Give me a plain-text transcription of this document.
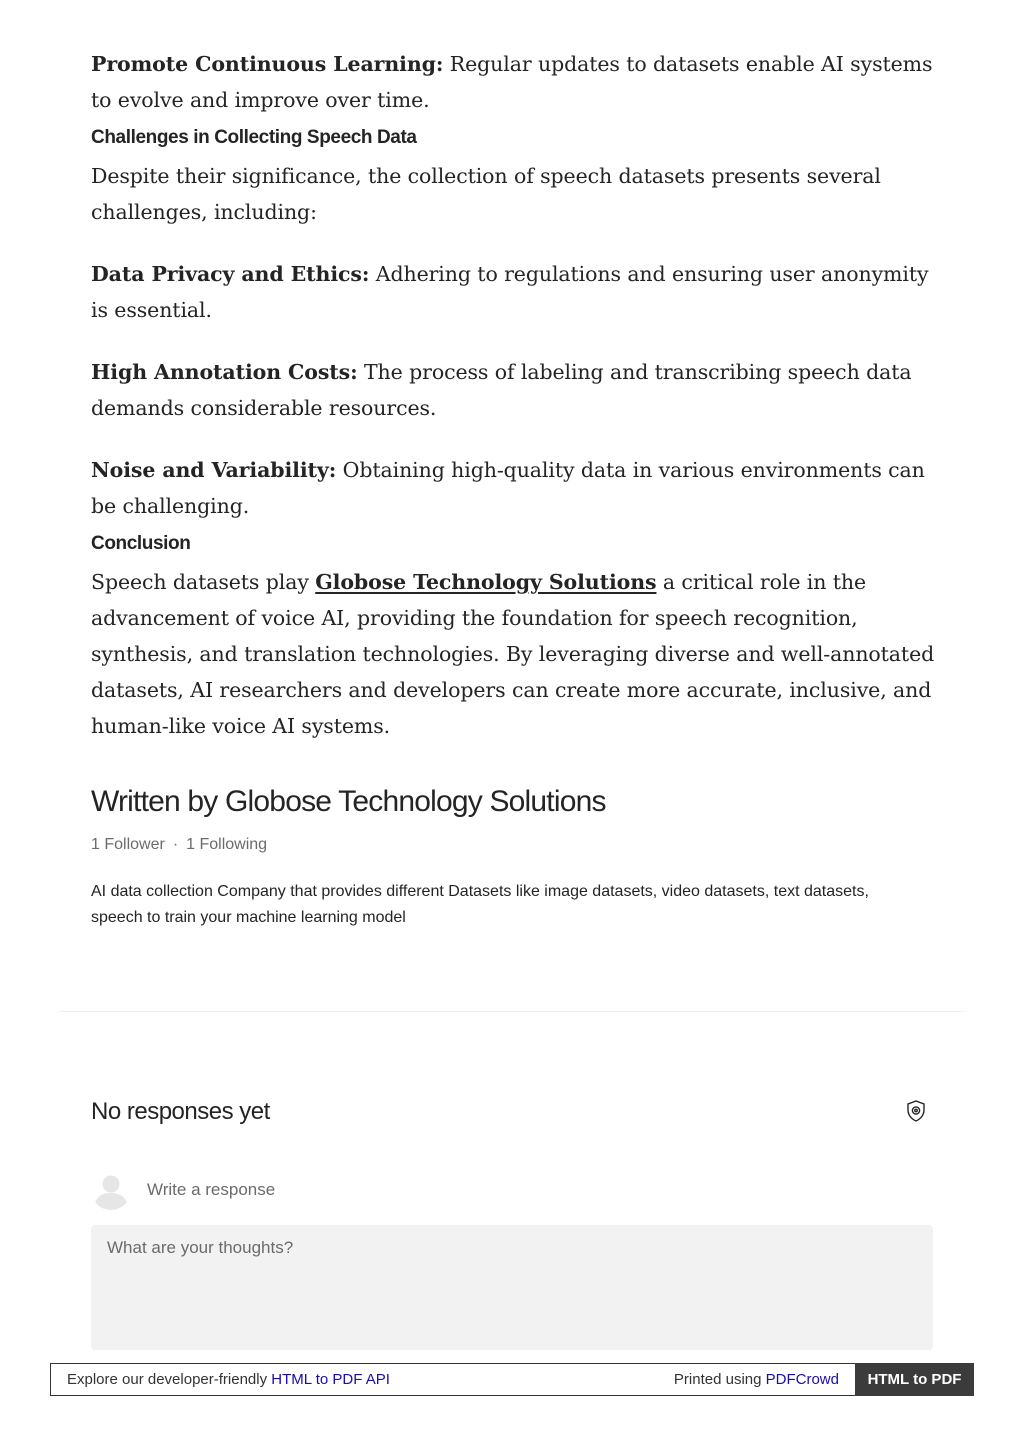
Promote Continuous Learning: Regular updates to datasets enable AI systems to evolve and improve over time.

Challenges in Collecting Speech Data

Despite their significance, the collection of speech datasets presents several challenges, including:

Data Privacy and Ethics: Adhering to regulations and ensuring user anonymity is essential.

High Annotation Costs: The process of labeling and transcribing speech data demands considerable resources.

Noise and Variability: Obtaining high-quality data in various environments can be challenging.

Conclusion

Speech datasets play Globose Technology Solutions a critical role in the advancement of voice AI, providing the foundation for speech recognition, synthesis, and translation technologies. By leveraging diverse and well-annotated datasets, AI researchers and developers can create more accurate, inclusive, and human-like voice AI systems.

Written by Globose Technology Solutions
1 Follower · 1 Following

AI data collection Company that provides different Datasets like image datasets, video datasets, text datasets, speech to train your machine learning model

No responses yet
Write a response
What are your thoughts?
Explore our developer-friendly HTML to PDF API	Printed using PDFCrowd	HTML to PDF
